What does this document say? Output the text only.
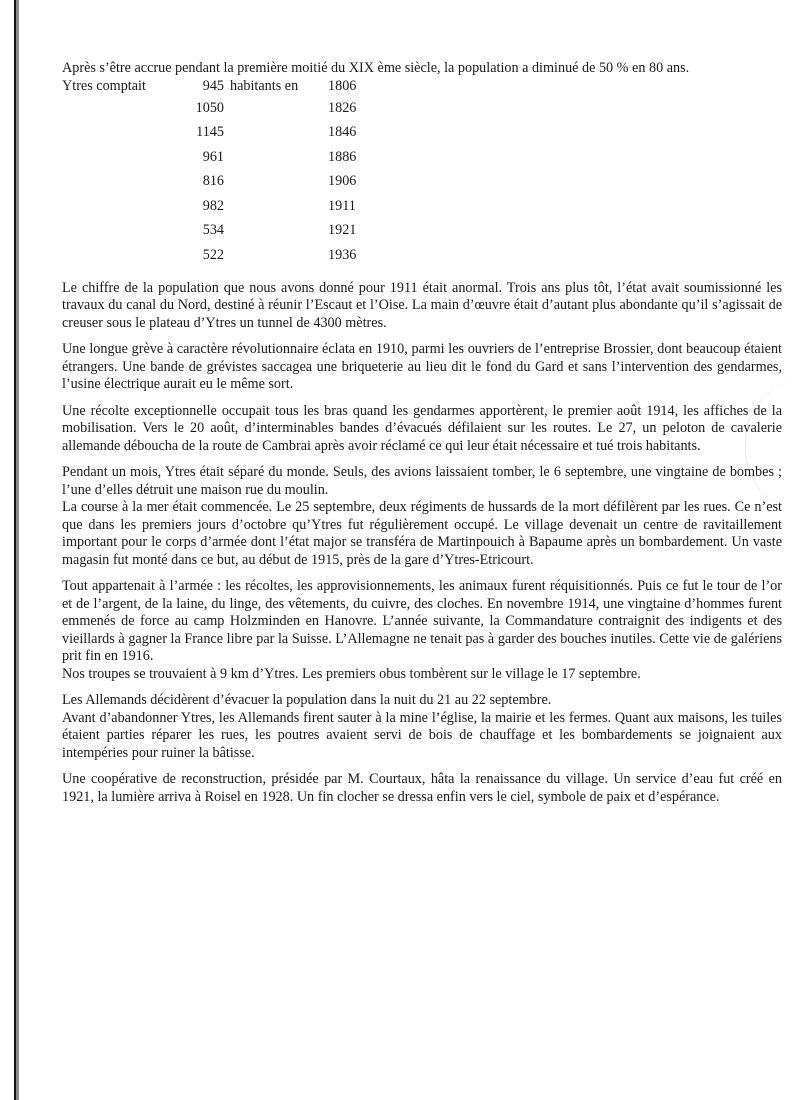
Après s’être accrue pendant la première moitié du XIX ème siècle, la population a diminué de 50 % en 80 ans.

Ytres comptait	945	habitants en	1806
	1050		1826
	1145		1846
	961		1886
	816		1906
	982		1911
	534		1921
	522		1936

Le chiffre de la population que nous avons donné pour 1911 était anormal. Trois ans plus tôt, l’état avait soumissionné les travaux du canal du Nord, destiné à réunir l’Escaut et l’Oise. La main d’œuvre était d’autant plus abondante qu’il s’agissait de creuser sous le plateau d’Ytres un tunnel de 4300 mètres.

Une longue grève à caractère révolutionnaire éclata en 1910, parmi les ouvriers de l’entreprise Brossier, dont beaucoup étaient étrangers. Une bande de grévistes saccagea une briqueterie au lieu dit le fond du Gard et sans l’intervention des gendarmes, l’usine électrique aurait eu le même sort.

Une récolte exceptionnelle occupait tous les bras quand les gendarmes apportèrent, le premier août 1914, les affiches de la mobilisation. Vers le 20 août, d’interminables bandes d’évacués défilaient sur les routes. Le 27, un peloton de cavalerie allemande déboucha de la route de Cambrai après avoir réclamé ce qui leur était nécessaire et tué trois habitants.

Pendant un mois, Ytres était séparé du monde. Seuls, des avions laissaient tomber, le 6 septembre, une vingtaine de bombes ; l’une d’elles détruit une maison rue du moulin.

La course à la mer était commencée. Le 25 septembre, deux régiments de hussards de la mort défilèrent par les rues. Ce n’est que dans les premiers jours d’octobre qu’Ytres fut régulièrement occupé. Le village devenait un centre de ravitaillement important pour le corps d’armée dont l’état major se transféra de Martinpouich à Bapaume après un bombardement. Un vaste magasin fut monté dans ce but, au début de 1915, près de la gare d’Ytres-Etricourt.

Tout appartenait à l’armée : les récoltes, les approvisionnements, les animaux furent réquisitionnés. Puis ce fut le tour de l’or et de l’argent, de la laine, du linge, des vêtements, du cuivre, des cloches. En novembre 1914, une vingtaine d’hommes furent emmenés de force au camp Holzminden en Hanovre. L’année suivante, la Commandature contraignit des indigents et des vieillards à gagner la France libre par la Suisse. L’Allemagne ne tenait pas à garder des bouches inutiles. Cette vie de galériens prit fin en 1916.

Nos troupes se trouvaient à 9 km d’Ytres. Les premiers obus tombèrent sur le village le 17 septembre.

Les Allemands décidèrent d’évacuer la population dans la nuit du 21 au 22 septembre.

Avant d’abandonner Ytres, les Allemands firent sauter à la mine l’église, la mairie et les fermes. Quant aux maisons, les tuiles étaient parties réparer les rues, les poutres avaient servi de bois de chauffage et les bombardements se joignaient aux intempéries pour ruiner la bâtisse.

Une coopérative de reconstruction, présidée par M. Courtaux, hâta la renaissance du village. Un service d’eau fut créé en 1921, la lumière arriva à Roisel en 1928. Un fin clocher se dressa enfin vers le ciel, symbole de paix et d’espérance.
